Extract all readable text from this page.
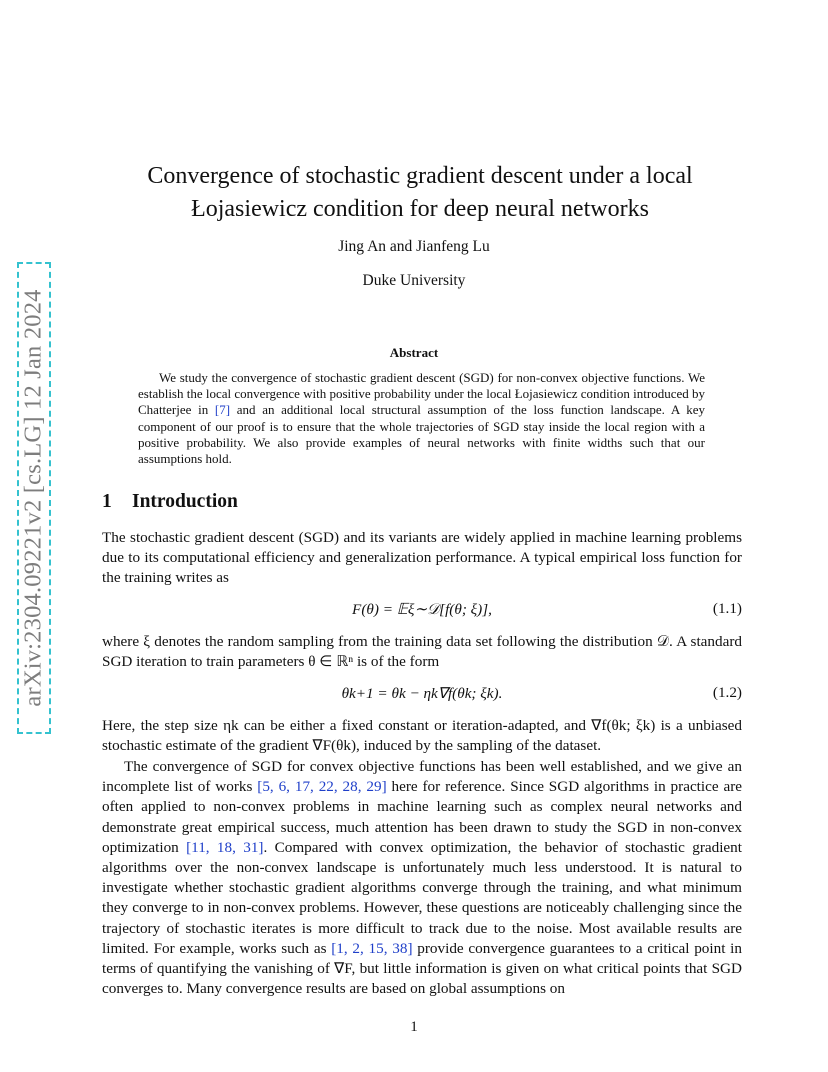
arXiv:2304.09221v2 [cs.LG] 12 Jan 2024
Convergence of stochastic gradient descent under a local Łojasiewicz condition for deep neural networks
Jing An and Jianfeng Lu
Duke University
Abstract
We study the convergence of stochastic gradient descent (SGD) for non-convex objective functions. We establish the local convergence with positive probability under the local Łojasiewicz condition introduced by Chatterjee in [7] and an additional local structural assumption of the loss function landscape. A key component of our proof is to ensure that the whole trajectories of SGD stay inside the local region with a positive probability. We also provide examples of neural networks with finite widths such that our assumptions hold.
1 Introduction

The stochastic gradient descent (SGD) and its variants are widely applied in machine learning problems due to its computational efficiency and generalization performance. A typical empirical loss function for the training writes as

F(θ) = 𝔼ξ∼𝒟[f(θ; ξ)],	(1.1)

where ξ denotes the random sampling from the training data set following the distribution 𝒟. A standard SGD iteration to train parameters θ ∈ ℝⁿ is of the form

θk+1 = θk − ηk∇f(θk; ξk).	(1.2)

Here, the step size ηk can be either a fixed constant or iteration-adapted, and ∇f(θk; ξk) is a unbiased stochastic estimate of the gradient ∇F(θk), induced by the sampling of the dataset.

The convergence of SGD for convex objective functions has been well established, and we give an incomplete list of works [5, 6, 17, 22, 28, 29] here for reference. Since SGD algorithms in practice are often applied to non-convex problems in machine learning such as complex neural networks and demonstrate great empirical success, much attention has been drawn to study the SGD in non-convex optimization [11, 18, 31]. Compared with convex optimization, the behavior of stochastic gradient algorithms over the non-convex landscape is unfortunately much less understood. It is natural to investigate whether stochastic gradient algorithms converge through the training, and what minimum they converge to in non-convex problems. However, these questions are noticeably challenging since the trajectory of stochastic iterates is more difficult to track due to the noise. Most available results are limited. For example, works such as [1, 2, 15, 38] provide convergence guarantees to a critical point in terms of quantifying the vanishing of ∇F, but little information is given on what critical points that SGD converges to. Many convergence results are based on global assumptions on

1
